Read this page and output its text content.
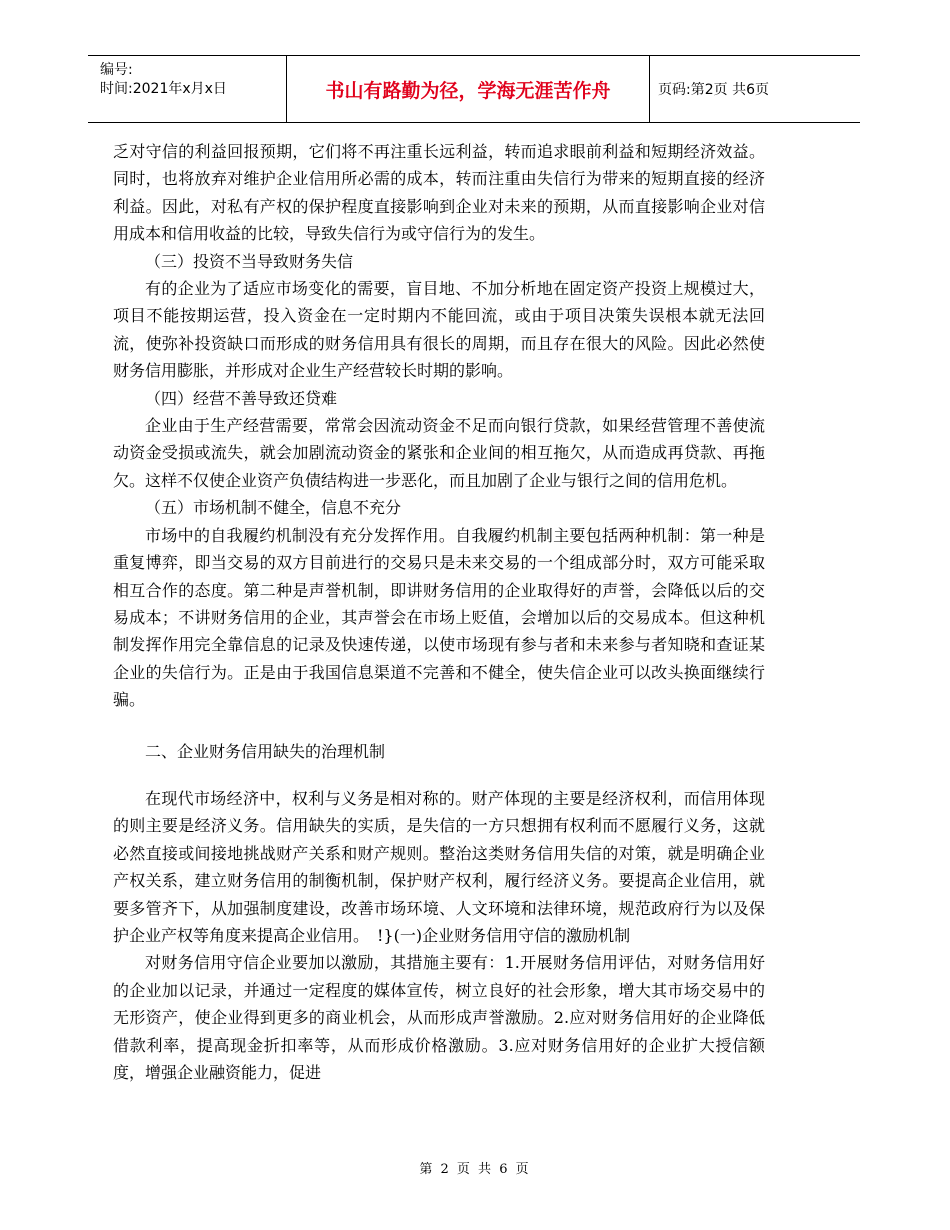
编号:
时间:2021年x月x日	书山有路勤为径，学海无涯苦作舟	页码:第2页 共6页

乏对守信的利益回报预期，它们将不再注重长远利益，转而追求眼前利益和短期经济效益。同时，也将放弃对维护企业信用所必需的成本，转而注重由失信行为带来的短期直接的经济利益。因此，对私有产权的保护程度直接影响到企业对未来的预期，从而直接影响企业对信用成本和信用收益的比较，导致失信行为或守信行为的发生。

（三）投资不当导致财务失信

有的企业为了适应市场变化的需要，盲目地、不加分析地在固定资产投资上规模过大，项目不能按期运营，投入资金在一定时期内不能回流，或由于项目决策失误根本就无法回流，使弥补投资缺口而形成的财务信用具有很长的周期，而且存在很大的风险。因此必然使财务信用膨胀，并形成对企业生产经营较长时期的影响。

（四）经营不善导致还贷难

企业由于生产经营需要，常常会因流动资金不足而向银行贷款，如果经营管理不善使流动资金受损或流失，就会加剧流动资金的紧张和企业间的相互拖欠，从而造成再贷款、再拖欠。这样不仅使企业资产负债结构进一步恶化，而且加剧了企业与银行之间的信用危机。

（五）市场机制不健全，信息不充分

市场中的自我履约机制没有充分发挥作用。自我履约机制主要包括两种机制：第一种是重复博弈，即当交易的双方目前进行的交易只是未来交易的一个组成部分时，双方可能采取相互合作的态度。第二种是声誉机制，即讲财务信用的企业取得好的声誉，会降低以后的交易成本；不讲财务信用的企业，其声誉会在市场上贬值，会增加以后的交易成本。但这种机制发挥作用完全靠信息的记录及快速传递，以使市场现有参与者和未来参与者知晓和查证某企业的失信行为。正是由于我国信息渠道不完善和不健全，使失信企业可以改头换面继续行骗。

二、企业财务信用缺失的治理机制

在现代市场经济中，权利与义务是相对称的。财产体现的主要是经济权利，而信用体现的则主要是经济义务。信用缺失的实质，是失信的一方只想拥有权利而不愿履行义务，这就必然直接或间接地挑战财产关系和财产规则。整治这类财务信用失信的对策，就是明确企业产权关系，建立财务信用的制衡机制，保护财产权利，履行经济义务。要提高企业信用，就要多管齐下，从加强制度建设，改善市场环境、人文环境和法律环境，规范政府行为以及保护企业产权等角度来提高企业信用。　!}(一)企业财务信用守信的激励机制

对财务信用守信企业要加以激励，其措施主要有：1.开展财务信用评估，对财务信用好的企业加以记录，并通过一定程度的媒体宣传，树立良好的社会形象，增大其市场交易中的无形资产，使企业得到更多的商业机会，从而形成声誉激励。2.应对财务信用好的企业降低借款利率，提高现金折扣率等，从而形成价格激励。3.应对财务信用好的企业扩大授信额度，增强企业融资能力，促进

第 2 页 共 6 页
